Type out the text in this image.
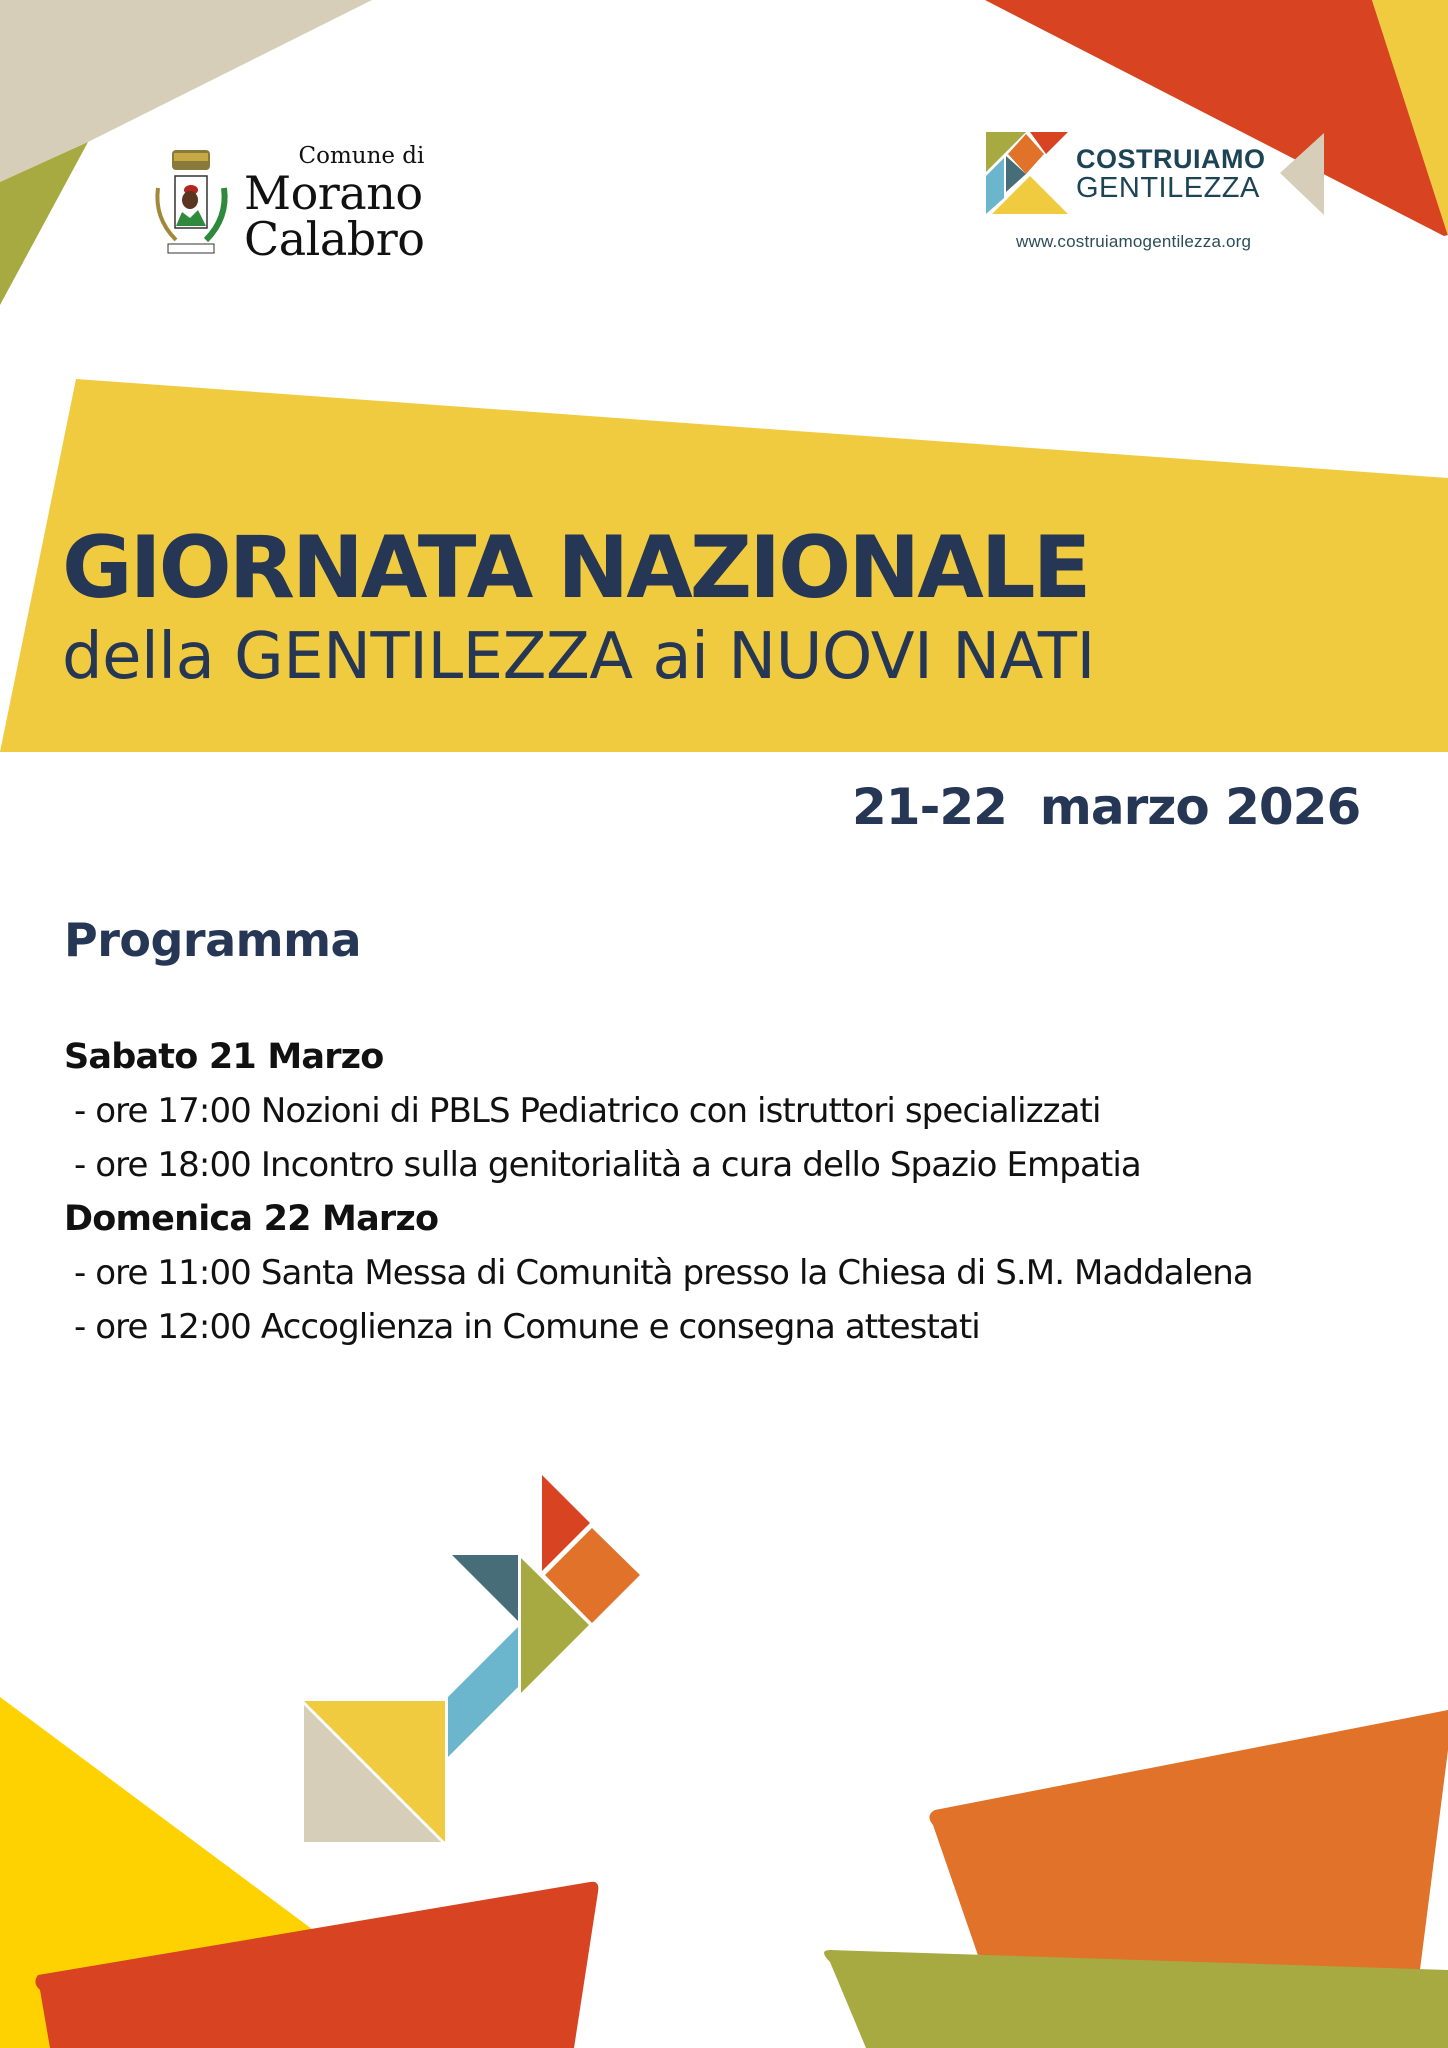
Comune di
Morano
Calabro
COSTRUIAMO
GENTILEZZA
www.costruiamogentilezza.org
GIORNATA NAZIONALE
della GENTILEZZA ai NUOVI NATI
21-22  marzo 2026
Programma
Sabato 21 Marzo
- ore 17:00 Nozioni di PBLS Pediatrico con istruttori specializzati
- ore 18:00 Incontro sulla genitorialità a cura dello Spazio Empatia
Domenica 22 Marzo
- ore 11:00 Santa Messa di Comunità presso la Chiesa di S.M. Maddalena
- ore 12:00 Accoglienza in Comune e consegna attestati
